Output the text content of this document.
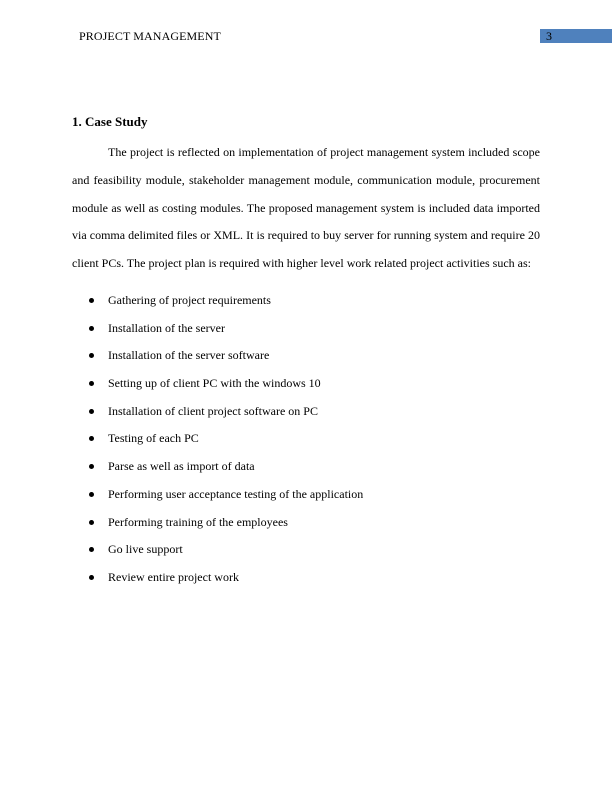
PROJECT MANAGEMENT	3
1. Case Study

The project is reflected on implementation of project management system included scope and feasibility module, stakeholder management module, communication module, procurement module as well as costing modules. The proposed management system is included data imported via comma delimited files or XML. It is required to buy server for running system and require 20 client PCs. The project plan is required with higher level work related project activities such as:

Gathering of project requirements
Installation of the server
Installation of the server software
Setting up of client PC with the windows 10
Installation of client project software on PC
Testing of each PC
Parse as well as import of data
Performing user acceptance testing of the application
Performing training of the employees
Go live support
Review entire project work
